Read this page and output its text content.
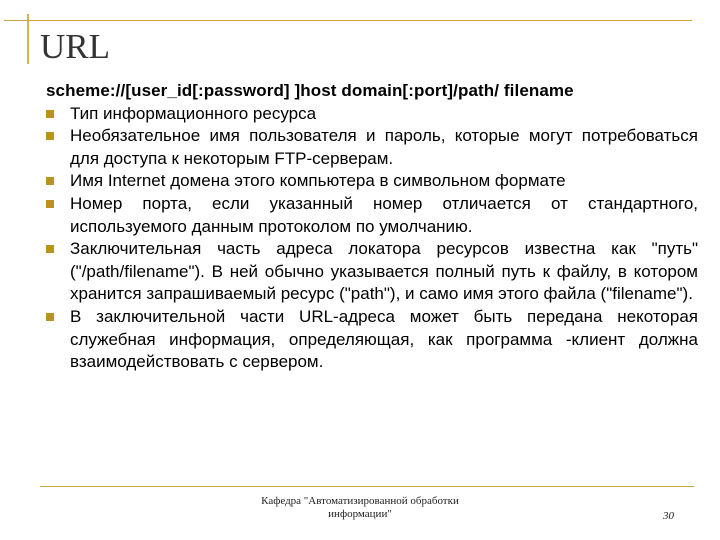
URL
scheme://[user_id[:password] ]host domain[:port]/path/ filename
Тип информационного ресурса
Необязательное имя пользователя и пароль, которые могут потребоваться для доступа к некоторым FTP-серверам.
Имя Internet домена этого компьютера в символьном формате
Номер порта, если указанный номер отличается от стандартного, используемого данным протоколом по умолчанию.
Заключительная часть адреса локатора ресурсов известна как "путь" ("/path/filename"). В ней обычно указывается полный путь к файлу, в котором хранится запрашиваемый ресурс ("path"), и само имя этого файла ("filename").
В заключительной части URL-адреса может быть передана некоторая служебная информация, определяющая, как программа -клиент должна взаимодействовать с сервером.
Кафедра "Автоматизированной обработки информации"	30
